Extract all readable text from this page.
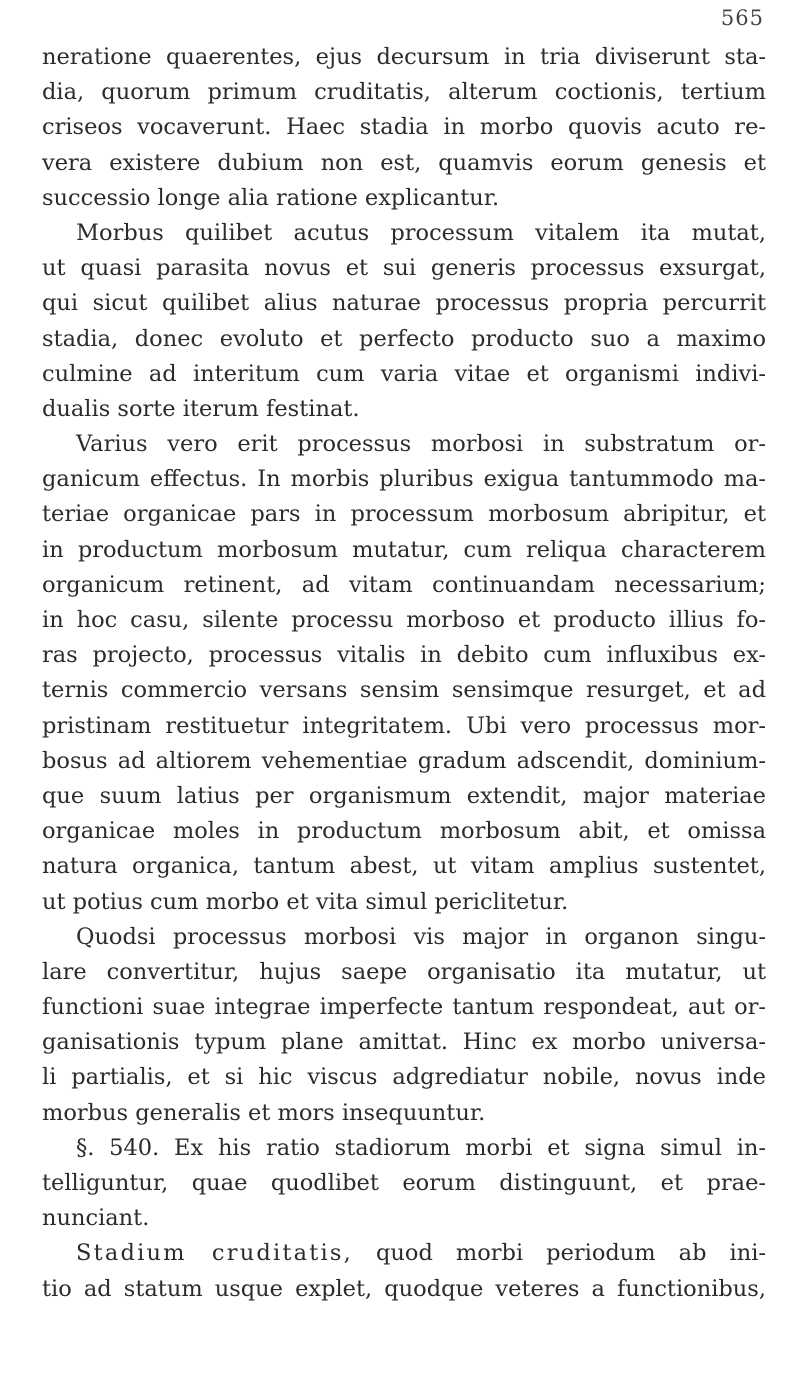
565
neratione quaerentes, ejus decursum in tria diviserunt sta-
dia, quorum primum cruditatis, alterum coctionis, tertium
criseos vocaverunt. Haec stadia in morbo quovis acuto re-
vera existere dubium non est, quamvis eorum genesis et
successio longe alia ratione explicantur.
Morbus quilibet acutus processum vitalem ita mutat,
ut quasi parasita novus et sui generis processus exsurgat,
qui sicut quilibet alius naturae processus propria percurrit
stadia, donec evoluto et perfecto producto suo a maximo
culmine ad interitum cum varia vitae et organismi indivi-
dualis sorte iterum festinat.
Varius vero erit processus morbosi in substratum or-
ganicum effectus. In morbis pluribus exigua tantummodo ma-
teriae organicae pars in processum morbosum abripitur, et
in productum morbosum mutatur, cum reliqua characterem
organicum retinent, ad vitam continuandam necessarium;
in hoc casu, silente processu morboso et producto illius fo-
ras projecto, processus vitalis in debito cum influxibus ex-
ternis commercio versans sensim sensimque resurget, et ad
pristinam restituetur integritatem. Ubi vero processus mor-
bosus ad altiorem vehementiae gradum adscendit, dominium-
que suum latius per organismum extendit, major materiae
organicae moles in productum morbosum abit, et omissa
natura organica, tantum abest, ut vitam amplius sustentet,
ut potius cum morbo et vita simul periclitetur.
Quodsi processus morbosi vis major in organon singu-
lare convertitur, hujus saepe organisatio ita mutatur, ut
functioni suae integrae imperfecte tantum respondeat, aut or-
ganisationis typum plane amittat. Hinc ex morbo universa-
li partialis, et si hic viscus adgrediatur nobile, novus inde
morbus generalis et mors insequuntur.
§. 540. Ex his ratio stadiorum morbi et signa simul in-
telliguntur, quae quodlibet eorum distinguunt, et prae-
nunciant.
Stadium cruditatis, quod morbi periodum ab ini-
tio ad statum usque explet, quodque veteres a functionibus,
